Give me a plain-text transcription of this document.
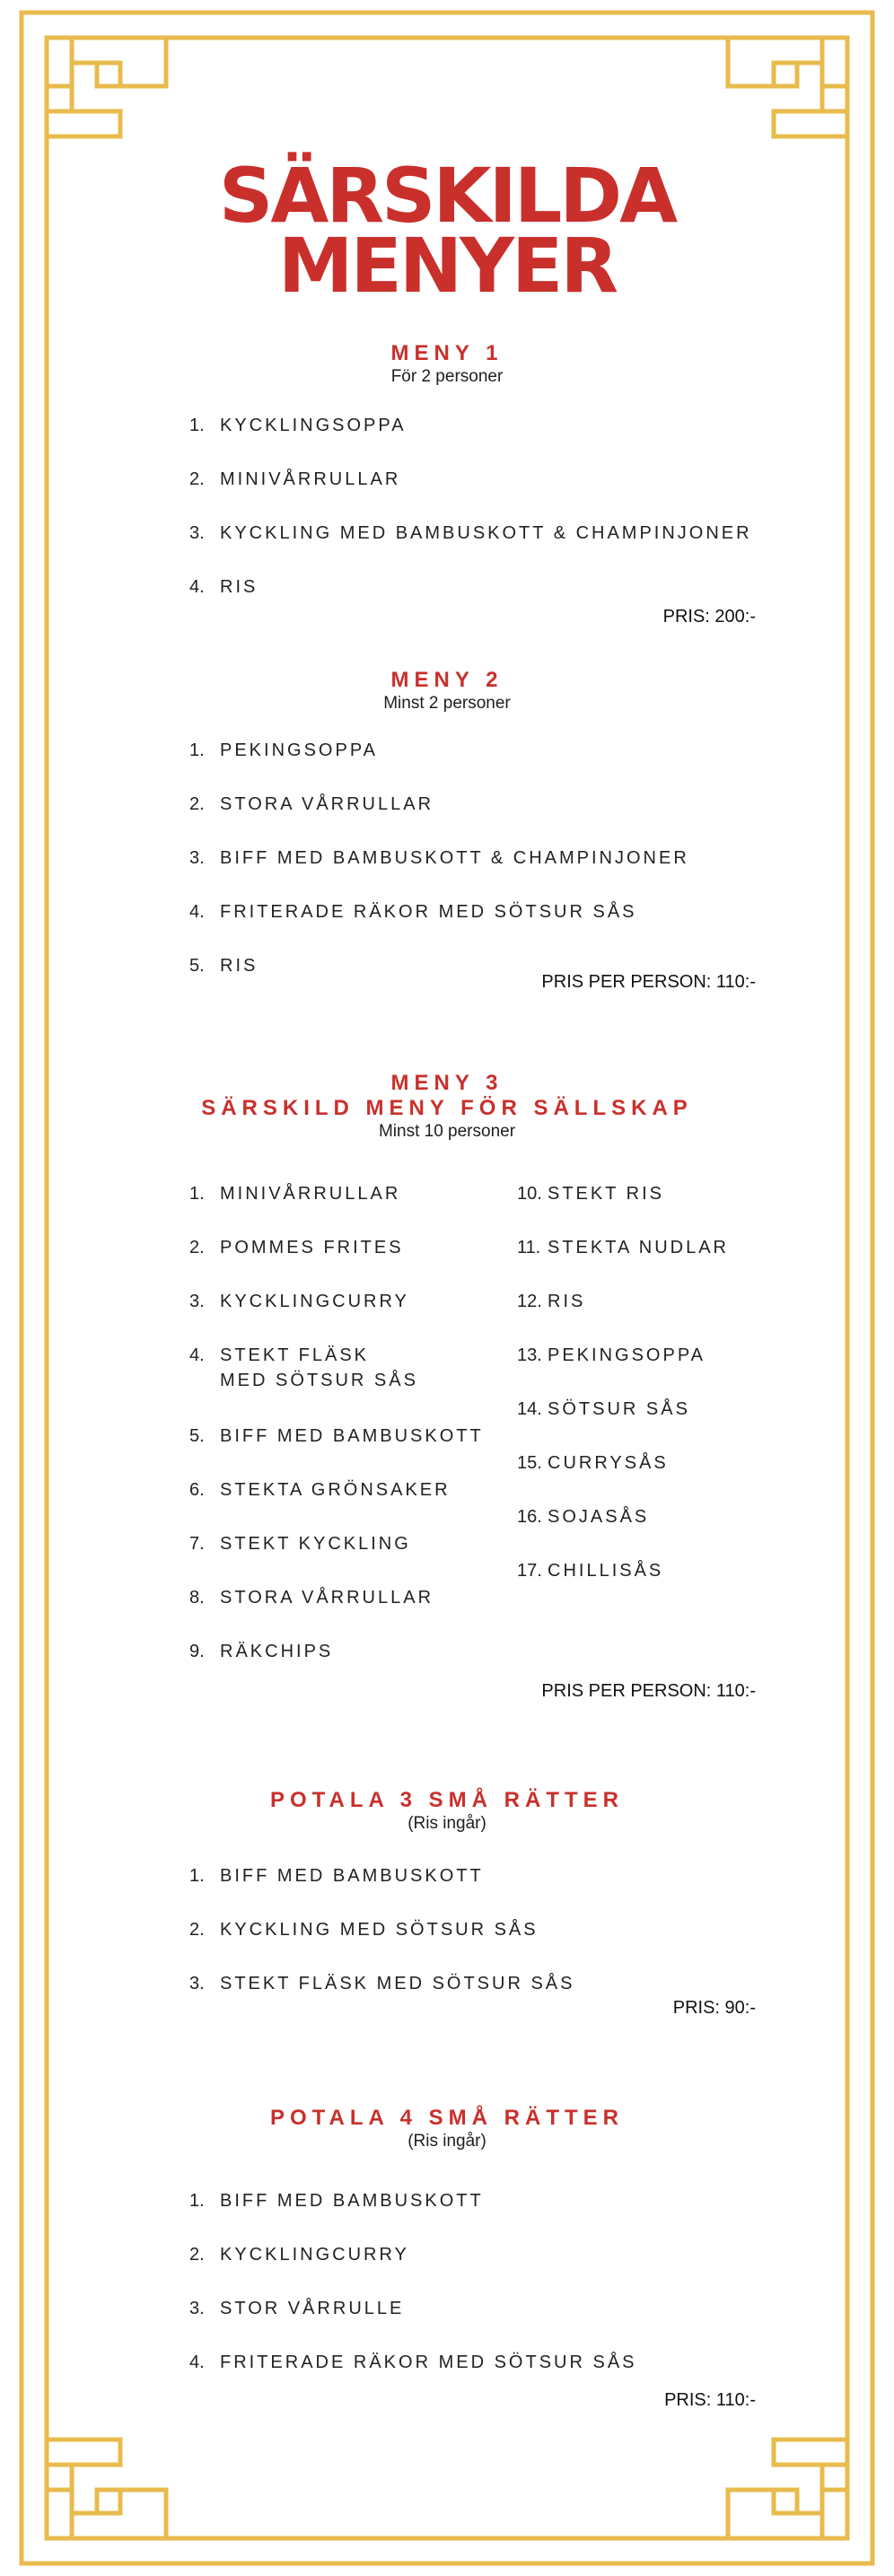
SÄRSKILDA
MENYER
MENY 1
För 2 personer
1. KYCKLINGSOPPA
2. MINIVÅRRULLAR
3. KYCKLING MED BAMBUSKOTT & CHAMPINJONER
4. RIS
PRIS: 200:-
MENY 2
Minst 2 personer
1. PEKINGSOPPA
2. STORA VÅRRULLAR
3. BIFF MED BAMBUSKOTT & CHAMPINJONER
4. FRITERADE RÄKOR MED SÖTSUR SÅS
5. RIS
PRIS PER PERSON: 110:-
MENY 3
SÄRSKILD MENY FÖR SÄLLSKAP
Minst 10 personer
1. MINIVÅRRULLAR
2. POMMES FRITES
3. KYCKLINGCURRY
4. STEKT FLÄSK
MED SÖTSUR SÅS
5. BIFF MED BAMBUSKOTT
6. STEKTA GRÖNSAKER
7. STEKT KYCKLING
8. STORA VÅRRULLAR
9. RÄKCHIPS
10. STEKT RIS
11. STEKTA NUDLAR
12. RIS
13. PEKINGSOPPA
14. SÖTSUR SÅS
15. CURRYSÅS
16. SOJASÅS
17. CHILLISÅS
PRIS PER PERSON: 110:-
POTALA 3 SMÅ RÄTTER
(Ris ingår)
1. BIFF MED BAMBUSKOTT
2. KYCKLING MED SÖTSUR SÅS
3. STEKT FLÄSK MED SÖTSUR SÅS
PRIS: 90:-
POTALA 4 SMÅ RÄTTER
(Ris ingår)
1. BIFF MED BAMBUSKOTT
2. KYCKLINGCURRY
3. STOR VÅRRULLE
4. FRITERADE RÄKOR MED SÖTSUR SÅS
PRIS: 110:-
